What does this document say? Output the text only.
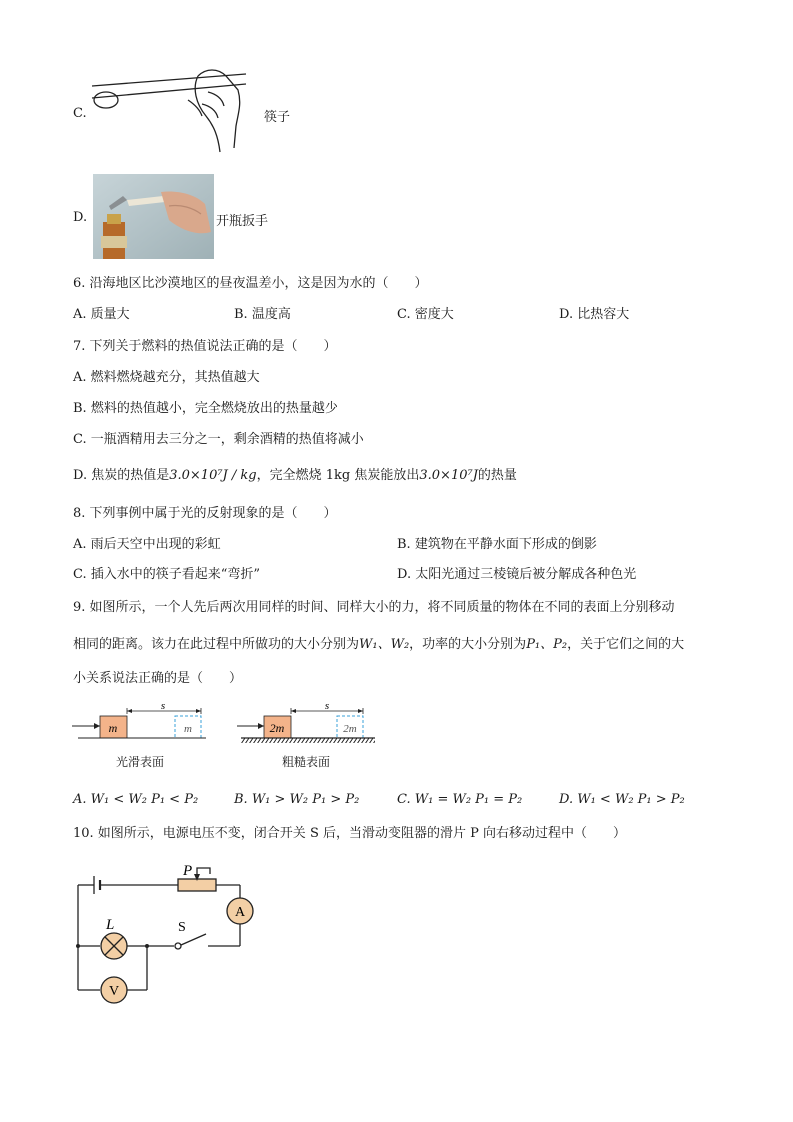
C.	筷子
D.	开瓶扳手
6. 沿海地区比沙漠地区的昼夜温差小，这是因为水的（　　）
A. 质量大	B. 温度高	C. 密度大	D. 比热容大
7. 下列关于燃料的热值说法正确的是（　　）
A. 燃料燃烧越充分，其热值越大
B. 燃料的热值越小，完全燃烧放出的热量越少
C. 一瓶酒精用去三分之一，剩余酒精的热值将减小
D. 焦炭的热值是3.0×10⁷J / kg，完全燃烧 1kg 焦炭能放出3.0×10⁷J的热量
8. 下列事例中属于光的反射现象的是（　　）
A. 雨后天空中出现的彩虹	B. 建筑物在平静水面下形成的倒影
C. 插入水中的筷子看起来“弯折”	D. 太阳光通过三棱镜后被分解成各种色光
9. 如图所示，一个人先后两次用同样的时间、同样大小的力，将不同质量的物体在不同的表面上分别移动
相同的距离。该力在此过程中所做功的大小分别为W₁、W₂，功率的大小分别为P₁、P₂，关于它们之间的大
小关系说法正确的是（　　）
m	m
s
光滑表面
2m	2m
s
粗糙表面
A. W₁ < W₂ P₁ < P₂	B. W₁ > W₂ P₁ > P₂	C. W₁ = W₂ P₁ = P₂	D. W₁ < W₂ P₁ > P₂
10. 如图所示，电源电压不变，闭合开关 S 后，当滑动变阻器的滑片 P 向右移动过程中（　　）
P
L	S
A
V
